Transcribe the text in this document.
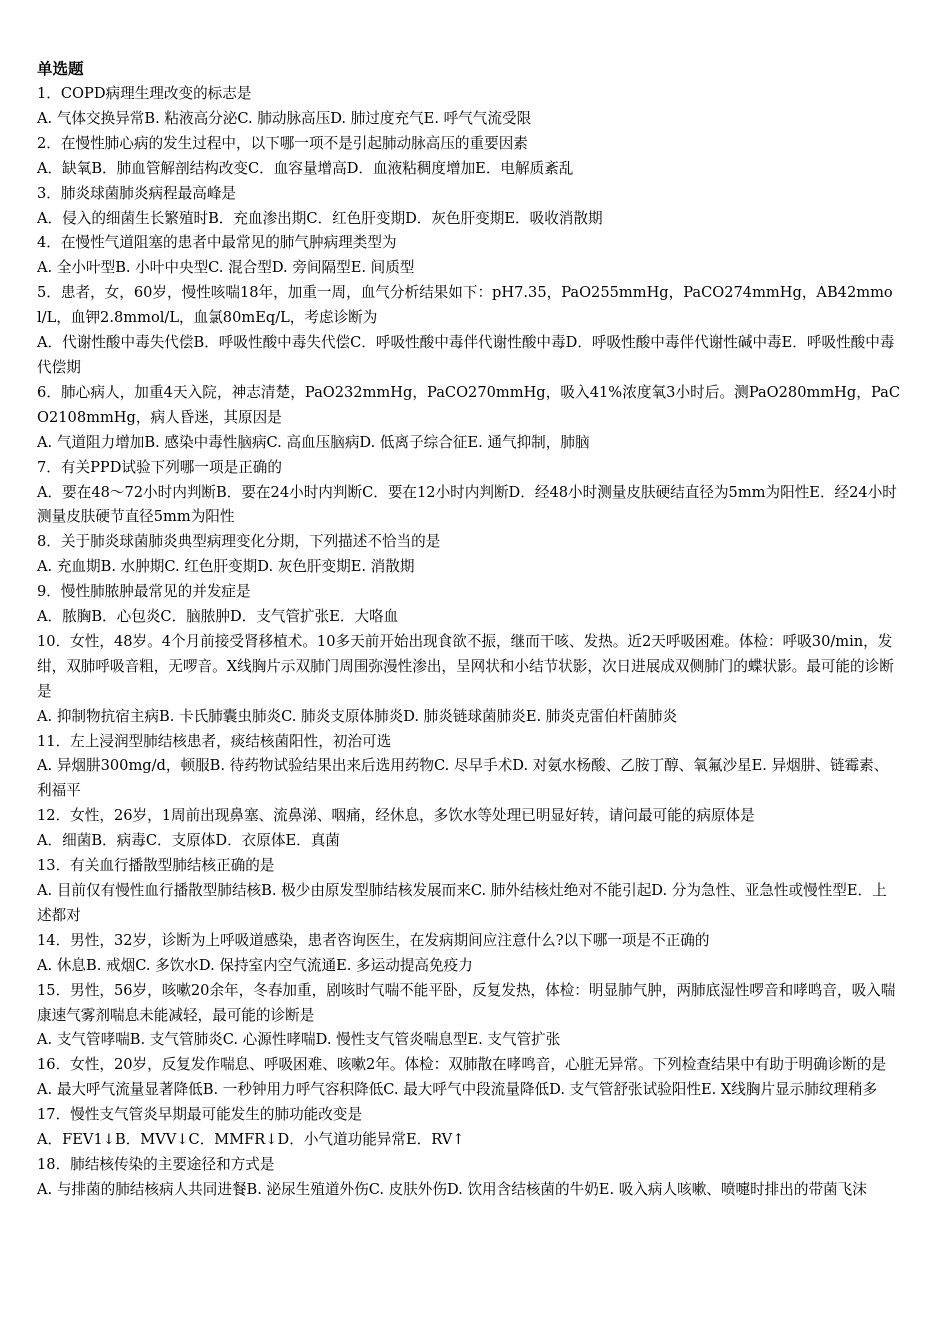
单选题

1．COPD病理生理改变的标志是

A. 气体交换异常B. 粘液高分泌C. 肺动脉高压D. 肺过度充气E. 呼气气流受限

2．在慢性肺心病的发生过程中，以下哪一项不是引起肺动脉高压的重要因素

A．缺氧B．肺血管解剖结构改变C．血容量增高D．血液粘稠度增加E．电解质紊乱

3．肺炎球菌肺炎病程最高峰是

A．侵入的细菌生长繁殖时B．充血渗出期C．红色肝变期D．灰色肝变期E．吸收消散期

4．在慢性气道阻塞的患者中最常见的肺气肿病理类型为

A. 全小叶型B. 小叶中央型C. 混合型D. 旁间隔型E. 间质型

5．患者，女，60岁，慢性咳喘18年，加重一周，血气分析结果如下：pH7.35，PaO255mmHg，PaCO274mmHg，AB42mmol/L，血钾2.8mmol/L，血氯80mEq/L，考虑诊断为

A．代谢性酸中毒失代偿B．呼吸性酸中毒失代偿C．呼吸性酸中毒伴代谢性酸中毒D．呼吸性酸中毒伴代谢性碱中毒E．呼吸性酸中毒代偿期

6．肺心病人，加重4天入院，神志清楚，PaO232mmHg，PaCO270mmHg，吸入41%浓度氧3小时后。测PaO280mmHg，PaCO2108mmHg，病人昏迷，其原因是

A. 气道阻力增加B. 感染中毒性脑病C. 高血压脑病D. 低离子综合征E. 通气抑制，肺脑

7．有关PPD试验下列哪一项是正确的

A．要在48～72小时内判断B．要在24小时内判断C．要在12小时内判断D．经48小时测量皮肤硬结直径为5mm为阳性E．经24小时测量皮肤硬节直径5mm为阳性

8．关于肺炎球菌肺炎典型病理变化分期，下列描述不恰当的是

A. 充血期B. 水肿期C. 红色肝变期D. 灰色肝变期E. 消散期

9．慢性肺脓肿最常见的并发症是

A．脓胸B．心包炎C．脑脓肿D．支气管扩张E．大咯血

10．女性，48岁。4个月前接受肾移植术。10多天前开始出现食欲不振，继而干咳、发热。近2天呼吸困难。体检：呼吸30/min，发绀，双肺呼吸音粗，无啰音。X线胸片示双肺门周围弥漫性渗出，呈网状和小结节状影，次日进展成双侧肺门的蝶状影。最可能的诊断是

A. 抑制物抗宿主病B. 卡氏肺囊虫肺炎C. 肺炎支原体肺炎D. 肺炎链球菌肺炎E. 肺炎克雷伯杆菌肺炎

11．左上浸润型肺结核患者，痰结核菌阳性，初治可选

A. 异烟肼300mg/d，顿服B. 待药物试验结果出来后选用药物C. 尽早手术D. 对氨水杨酸、乙胺丁醇、氧氟沙星E. 异烟肼、链霉素、利福平

12．女性，26岁，1周前出现鼻塞、流鼻涕、咽痛，经休息，多饮水等处理已明显好转，请问最可能的病原体是

A．细菌B．病毒C．支原体D．衣原体E．真菌

13．有关血行播散型肺结核正确的是

A. 目前仅有慢性血行播散型肺结核B. 极少由原发型肺结核发展而来C. 肺外结核灶绝对不能引起D. 分为急性、亚急性或慢性型E．上述都对

14．男性，32岁，诊断为上呼吸道感染，患者咨询医生，在发病期间应注意什么?以下哪一项是不正确的

A. 休息B. 戒烟C. 多饮水D. 保持室内空气流通E. 多运动提高免疫力

15．男性，56岁，咳嗽20余年，冬春加重，剧咳时气喘不能平卧，反复发热，体检：明显肺气肿，两肺底湿性啰音和哮鸣音，吸入喘康速气雾剂喘息未能减轻，最可能的诊断是

A. 支气管哮喘B. 支气管肺炎C. 心源性哮喘D. 慢性支气管炎喘息型E. 支气管扩张

16．女性，20岁，反复发作喘息、呼吸困难、咳嗽2年。体检：双肺散在哮鸣音，心脏无异常。下列检查结果中有助于明确诊断的是

A. 最大呼气流量显著降低B. 一秒钟用力呼气容积降低C. 最大呼气中段流量降低D. 支气管舒张试验阳性E. X线胸片显示肺纹理稍多

17．慢性支气管炎早期最可能发生的肺功能改变是

A．FEV1↓B．MVV↓C．MMFR↓D．小气道功能异常E．RV↑

18．肺结核传染的主要途径和方式是

A. 与排菌的肺结核病人共同进餐B. 泌尿生殖道外伤C. 皮肤外伤D. 饮用含结核菌的牛奶E. 吸入病人咳嗽、喷嚏时排出的带菌飞沫
